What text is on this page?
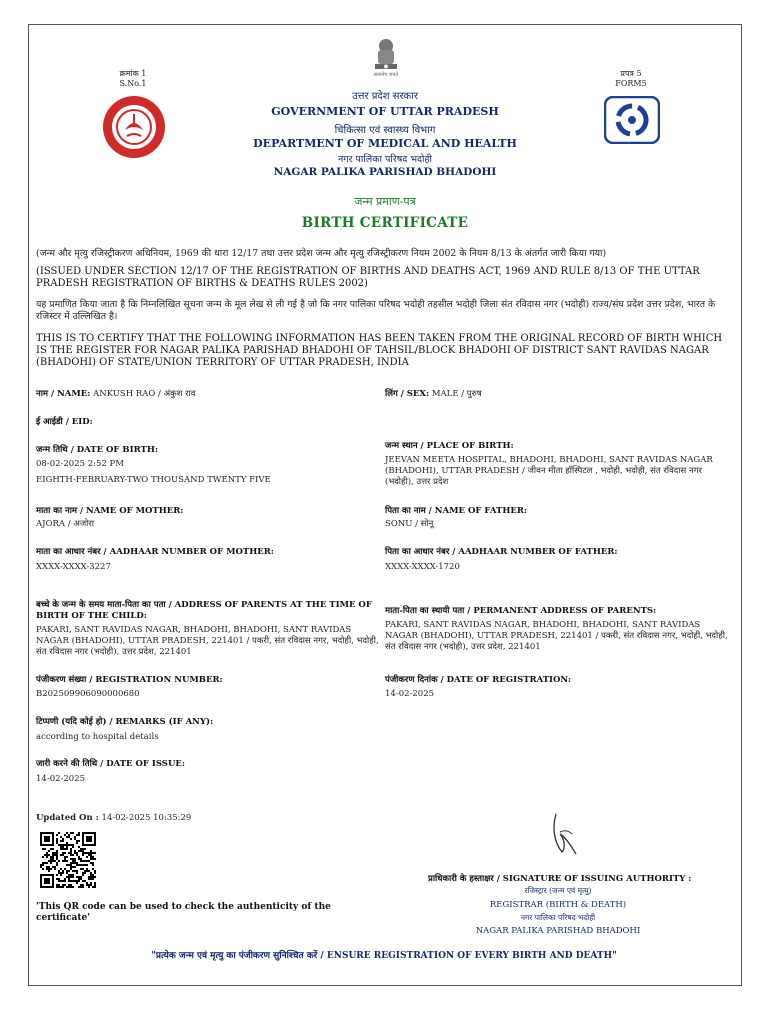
सत्यमेव जयते
क्रमांक 1
S.No.1
प्रपत्र 5
FORM5
उत्तर प्रदेश सरकार
GOVERNMENT OF UTTAR PRADESH
चिकित्सा एवं स्वास्थ्य विभाग
DEPARTMENT OF MEDICAL AND HEALTH
नगर पालिका परिषद भदोही
NAGAR PALIKA PARISHAD BHADOHI
जन्म प्रमाण-पत्र
BIRTH CERTIFICATE
(जन्म और मृत्यु रजिस्ट्रीकरण अधिनियम, 1969 की धारा 12/17 तथा उत्तर प्रदेश जन्म और मृत्यु रजिस्ट्रीकरण नियम 2002 के नियम 8/13 के अंतर्गत जारी किया गया)
(ISSUED UNDER SECTION 12/17 OF THE REGISTRATION OF BIRTHS AND DEATHS ACT, 1969 AND RULE 8/13 OF THE UTTAR PRADESH REGISTRATION OF BIRTHS & DEATHS RULES 2002)
यह प्रमाणित किया जाता है कि निम्नलिखित सूचना जन्म के मूल लेख से ली गई है जो कि नगर पालिका परिषद भदोही तहसील भदोही जिला संत रविदास नगर (भदोही) राज्य/संघ प्रदेश उत्तर प्रदेश, भारत के रजिस्टर में उल्लिखित है।
THIS IS TO CERTIFY THAT THE FOLLOWING INFORMATION HAS BEEN TAKEN FROM THE ORIGINAL RECORD OF BIRTH WHICH IS THE REGISTER FOR NAGAR PALIKA PARISHAD BHADOHI OF TAHSIL/BLOCK BHADOHI OF DISTRICT SANT RAVIDAS NAGAR (BHADOHI) OF STATE/UNION TERRITORY OF UTTAR PRADESH, INDIA
नाम / NAME: ANKUSH RAO / अंकुश राव	लिंग / SEX: MALE / पुरुष
ई आईडी / EID:
जन्म तिथि / DATE OF BIRTH:
08-02-2025 2:52 PM
EIGHTH-FEBRUARY-TWO THOUSAND TWENTY FIVE
जन्म स्थान / PLACE OF BIRTH:
JEEVAN MEETA HOSPITAL, BHADOHI, BHADOHI, SANT RAVIDAS NAGAR (BHADOHI), UTTAR PRADESH / जीवन मीता हॉस्पिटल , भदोही, भदोही, संत रविदास नगर (भदोही), उत्तर प्रदेश
माता का नाम / NAME OF MOTHER:
AJORA / अजोरा
पिता का नाम / NAME OF FATHER:
SONU / सोनू
माता का आधार नंबर / AADHAAR NUMBER OF MOTHER:
XXXX-XXXX-3227
पिता का आधार नंबर / AADHAAR NUMBER OF FATHER:
XXXX-XXXX-1720
बच्चे के जन्म के समय माता-पिता का पता / ADDRESS OF PARENTS AT THE TIME OF BIRTH OF THE CHILD:
PAKARI, SANT RAVIDAS NAGAR, BHADOHI, BHADOHI, SANT RAVIDAS NAGAR (BHADOHI), UTTAR PRADESH, 221401 / पकरी, संत रविदास नगर, भदोही, भदोही, संत रविदास नगर (भदोही), उत्तर प्रदेश, 221401
माता-पिता का स्थायी पता / PERMANENT ADDRESS OF PARENTS:
PAKARI, SANT RAVIDAS NAGAR, BHADOHI, BHADOHI, SANT RAVIDAS NAGAR (BHADOHI), UTTAR PRADESH, 221401 / पकरी, संत रविदास नगर, भदोही, भदोही, संत रविदास नगर (भदोही), उत्तर प्रदेश, 221401
पंजीकरण संख्या / REGISTRATION NUMBER:
B202509906090000680
पंजीकरण दिनांक / DATE OF REGISTRATION:
14-02-2025
टिप्पणी (यदि कोई हो) / REMARKS (IF ANY):
according to hospital details
जारी करने की तिथि / DATE OF ISSUE:
14-02-2025
Updated On : 14-02-2025 10:35:29
'This QR code can be used to check the authenticity of the certificate'
प्राधिकारी के हस्ताक्षर / SIGNATURE OF ISSUING AUTHORITY :
रजिस्ट्रार (जन्म एवं मृत्यु)
REGISTRAR (BIRTH & DEATH)
नगर पालिका परिषद भदोही
NAGAR PALIKA PARISHAD BHADOHI
"प्रत्येक जन्म एवं मृत्यु का पंजीकरण सुनिश्चित करें / ENSURE REGISTRATION OF EVERY BIRTH AND DEATH"
